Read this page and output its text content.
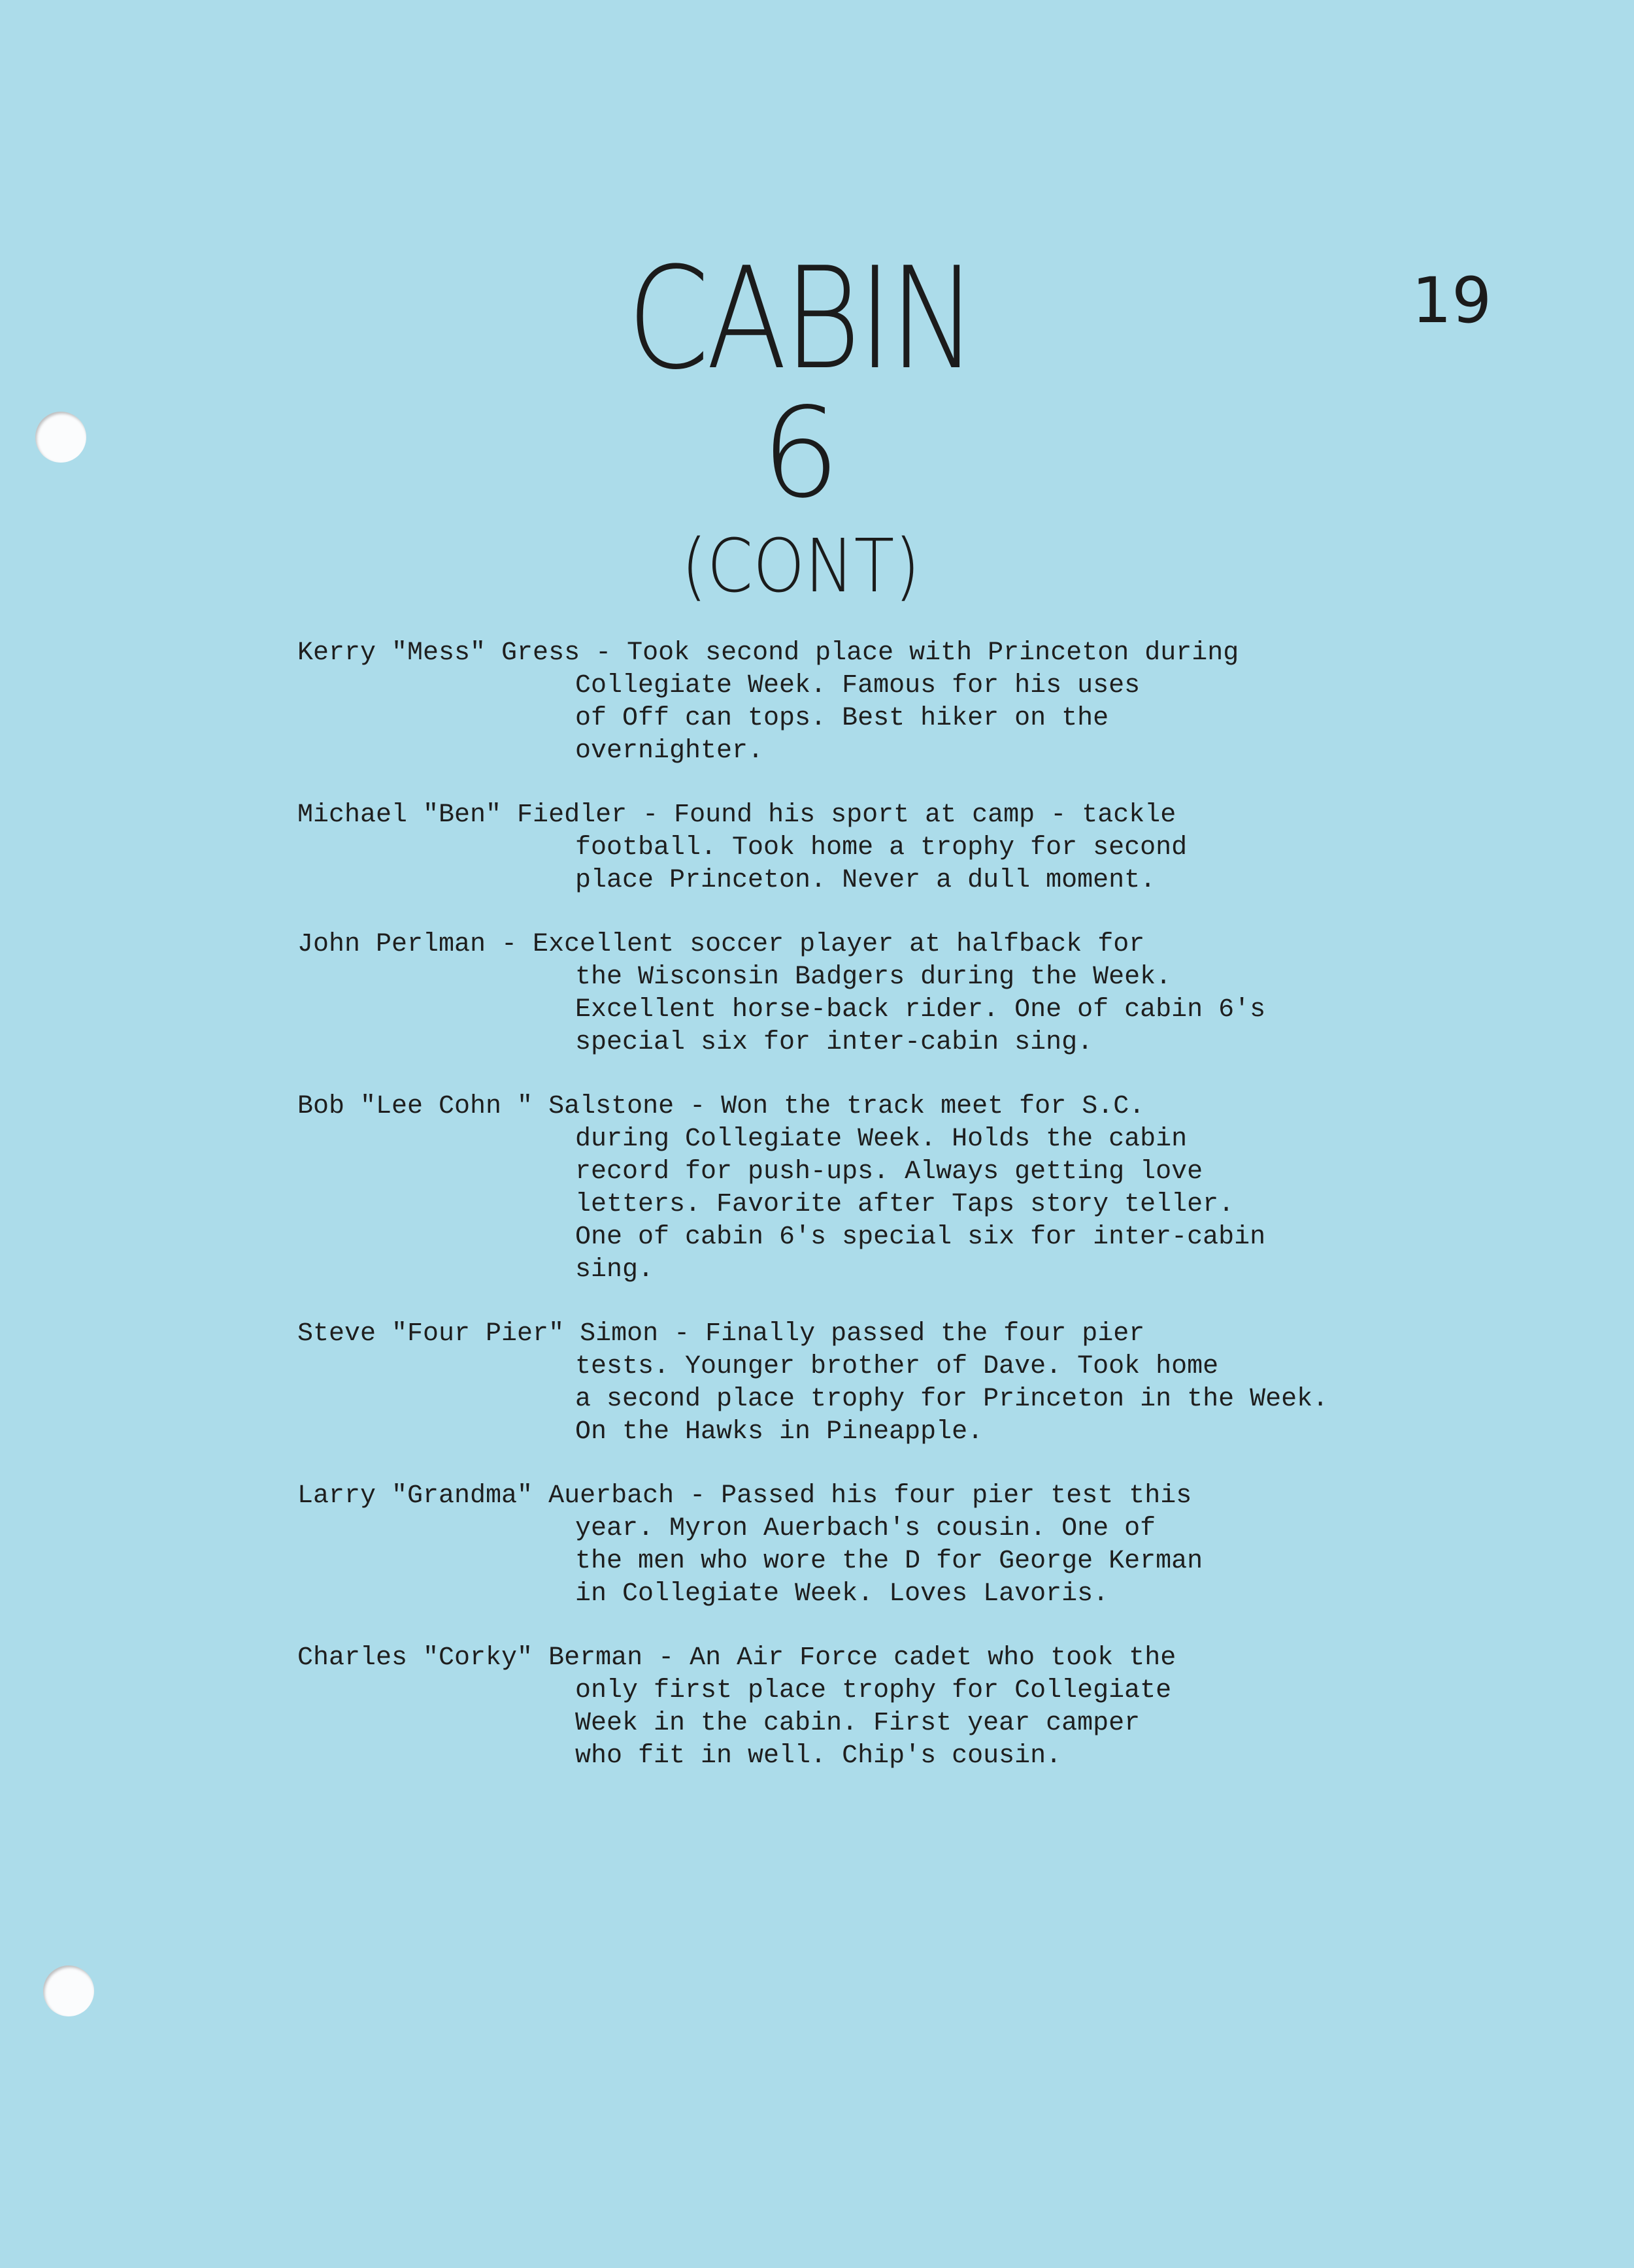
CABIN
6
(CONT)
19
Kerry "Mess" Gress - Took second place with Princeton during
Collegiate Week. Famous for his uses
of Off can tops. Best hiker on the
overnighter.
Michael "Ben" Fiedler - Found his sport at camp - tackle
football. Took home a trophy for second
place Princeton. Never a dull moment.
John Perlman - Excellent soccer player at halfback for
the Wisconsin Badgers during the Week.
Excellent horse-back rider. One of cabin 6's
special six for inter-cabin sing.
Bob "Lee Cohn " Salstone - Won the track meet for S.C.
during Collegiate Week. Holds the cabin
record for push-ups. Always getting love
letters. Favorite after Taps story teller.
One of cabin 6's special six for inter-cabin
sing.
Steve "Four Pier" Simon - Finally passed the four pier
tests. Younger brother of Dave. Took home
a second place trophy for Princeton in the Week.
On the Hawks in Pineapple.
Larry "Grandma" Auerbach - Passed his four pier test this
year. Myron Auerbach's cousin. One of
the men who wore the D for George Kerman
in Collegiate Week. Loves Lavoris.
Charles "Corky" Berman - An Air Force cadet who took the
only first place trophy for Collegiate
Week in the cabin. First year camper
who fit in well. Chip's cousin.
